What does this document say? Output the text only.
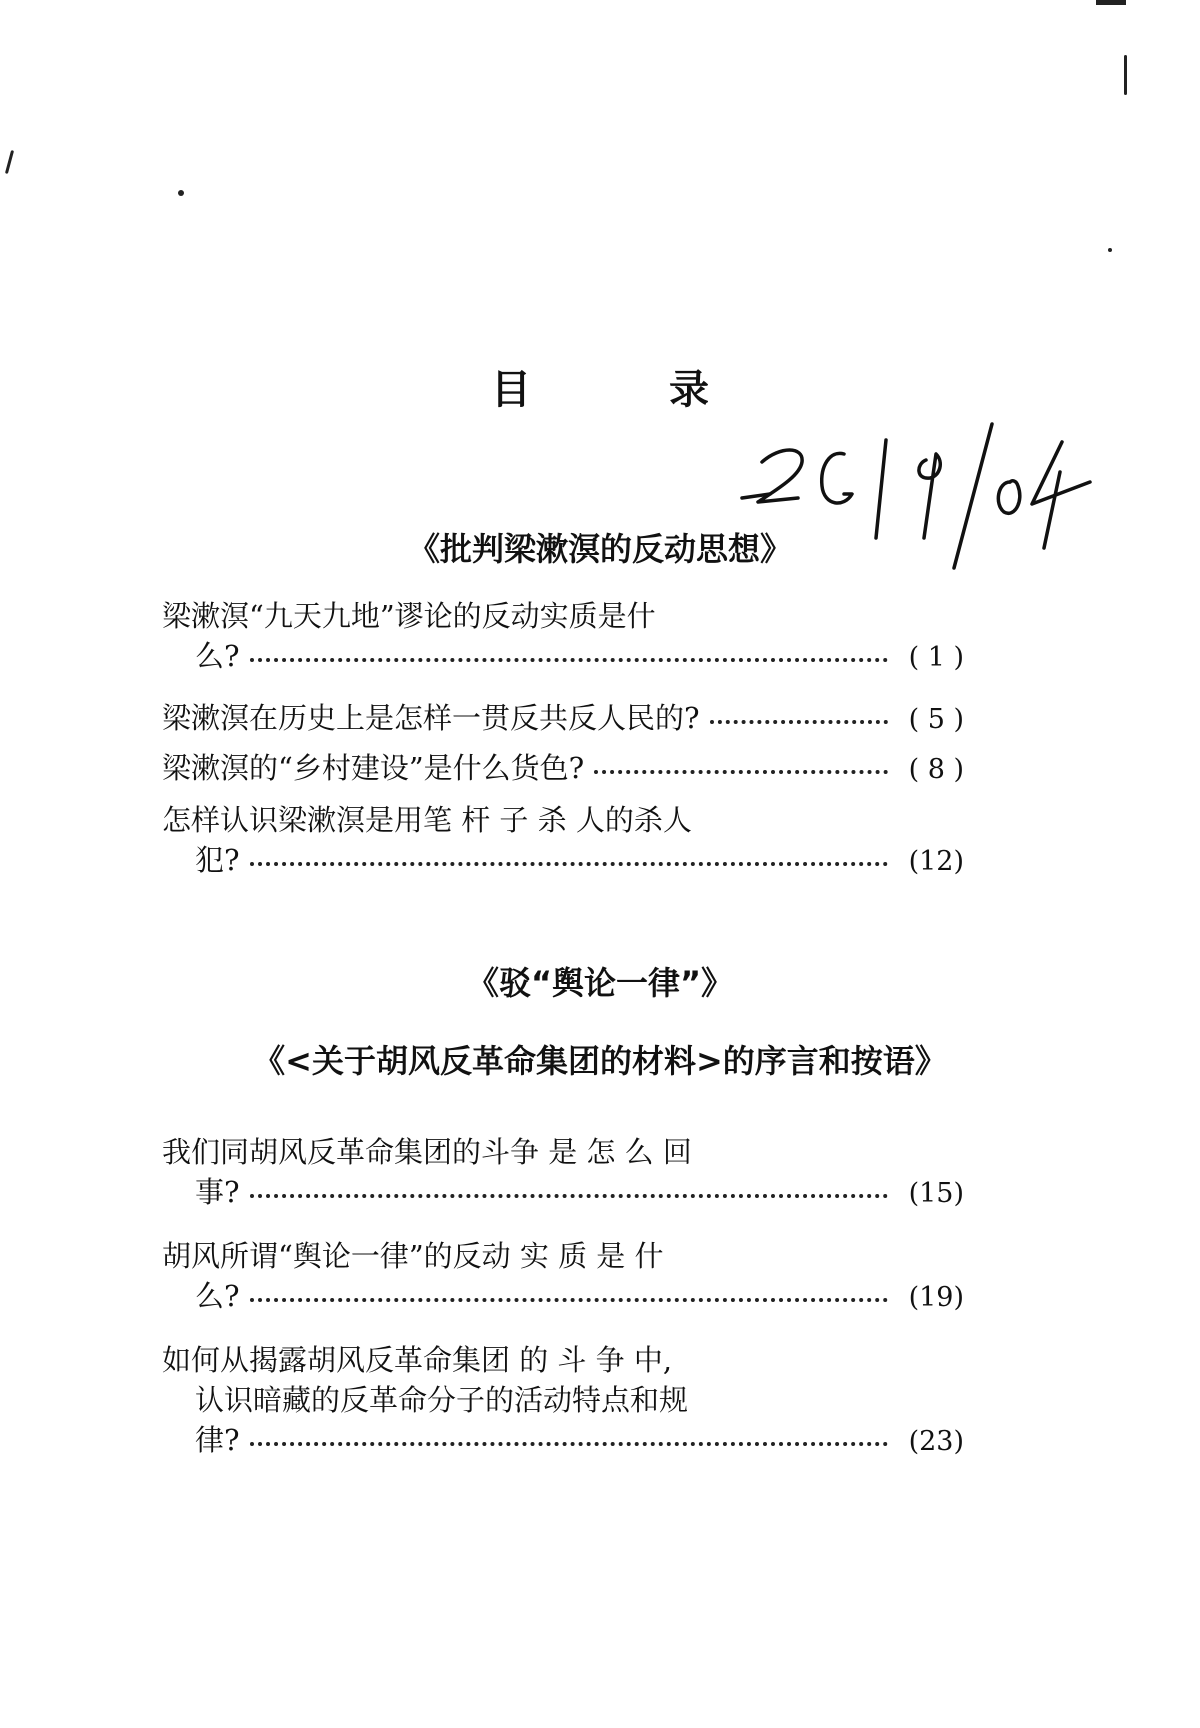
目 录
《批判梁漱溟的反动思想》
梁漱溟“九天九地”谬论的反动实质是什
么?	( 1 )
梁漱溟在历史上是怎样一贯反共反人民的?	( 5 )
梁漱溟的“乡村建设”是什么货色?	( 8 )
怎样认识梁漱溟是用笔 杆 子 杀 人的杀人
犯?	(12)
《驳“舆论一律”》
《<关于胡风反革命集团的材料>的序言和按语》
我们同胡风反革命集团的斗争 是 怎 么 回
事?	(15)
胡风所谓“舆论一律”的反动 实 质 是 什
么?	(19)
如何从揭露胡风反革命集团 的 斗 争 中,
认识暗藏的反革命分子的活动特点和规
律?	(23)
